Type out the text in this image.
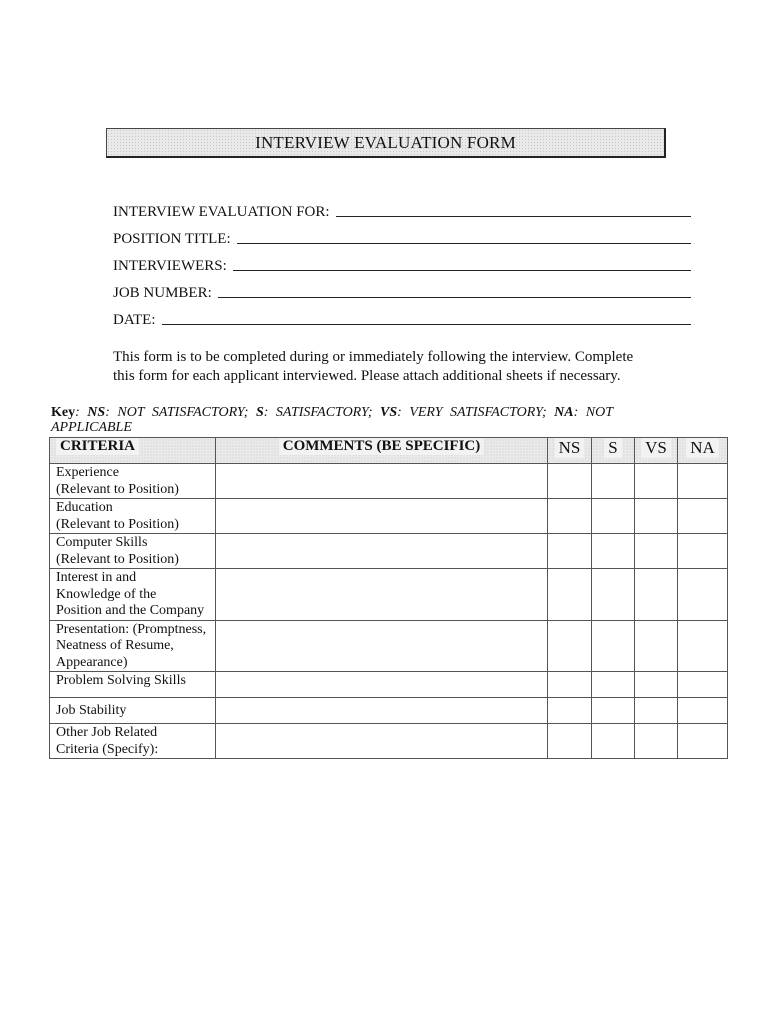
INTERVIEW EVALUATION FORM
INTERVIEW EVALUATION FOR:
POSITION TITLE:
INTERVIEWERS:
JOB NUMBER:
DATE:
This form is to be completed during or immediately following the interview. Complete
this form for each applicant interviewed. Please attach additional sheets if necessary.
Key: NS: NOT SATISFACTORY; S: SATISFACTORY; VS: VERY SATISFACTORY; NA: NOT
APPLICABLE
CRITERIA	COMMENTS (BE SPECIFIC)	NS	S	VS	NA

Experience
(Relevant to Position)					

Education
(Relevant to Position)					

Computer Skills
(Relevant to Position)					

Interest in and
Knowledge of the
Position and the Company					

Presentation: (Promptness,
Neatness of Resume,
Appearance)					

Problem Solving Skills					

Job Stability					

Other Job Related
Criteria (Specify):					
